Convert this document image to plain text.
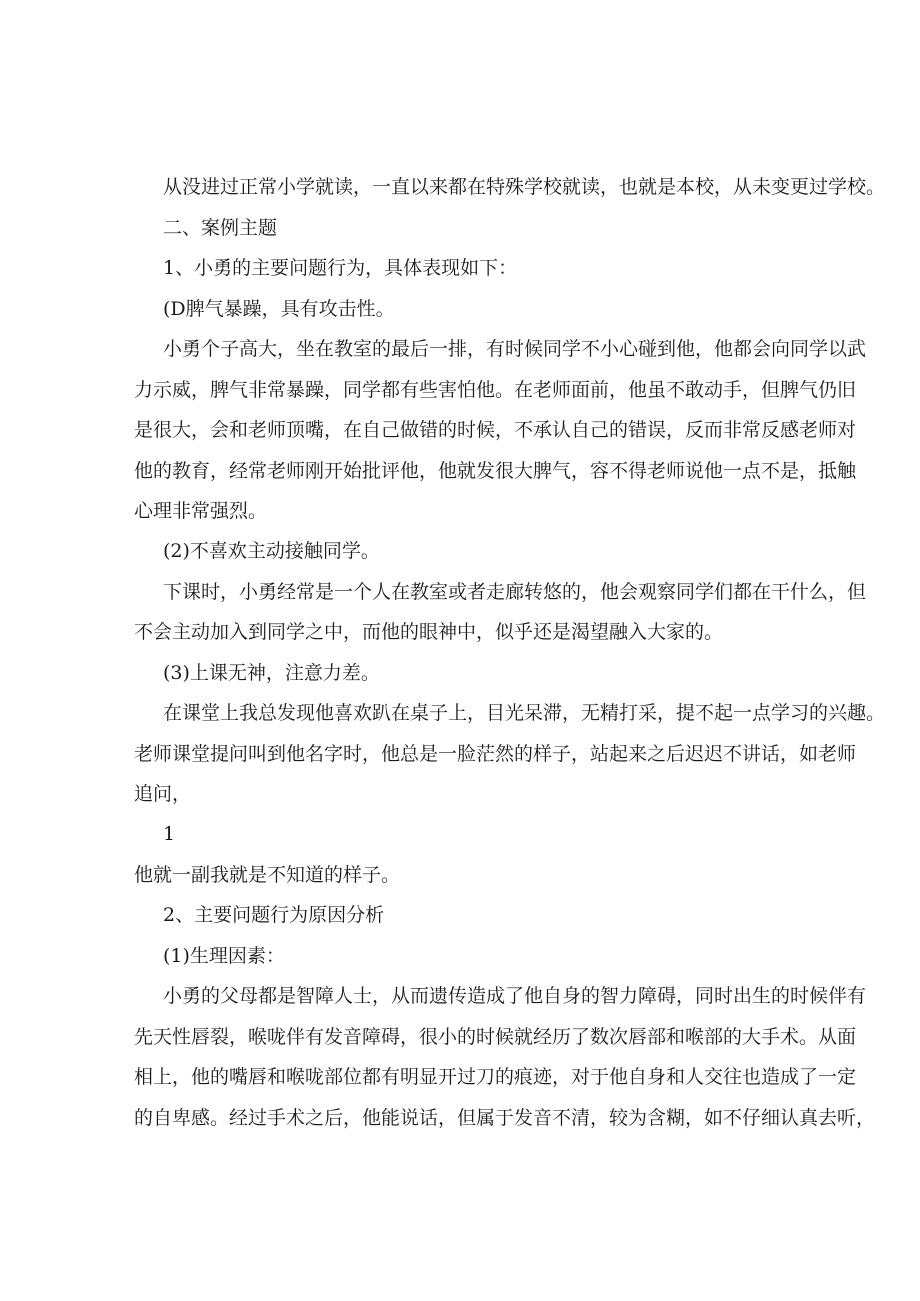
从没进过正常小学就读，一直以来都在特殊学校就读，也就是本校，从未变更过学校。
二、案例主题
1、小勇的主要问题行为，具体表现如下：
(D脾气暴躁，具有攻击性。
小勇个子高大，坐在教室的最后一排，有时候同学不小心碰到他，他都会向同学以武
力示威，脾气非常暴躁，同学都有些害怕他。在老师面前，他虽不敢动手，但脾气仍旧
是很大，会和老师顶嘴，在自己做错的时候，不承认自己的错误，反而非常反感老师对
他的教育，经常老师刚开始批评他，他就发很大脾气，容不得老师说他一点不是，抵触
心理非常强烈。
(2)不喜欢主动接触同学。
下课时，小勇经常是一个人在教室或者走廊转悠的，他会观察同学们都在干什么，但
不会主动加入到同学之中，而他的眼神中，似乎还是渴望融入大家的。
(3)上课无神，注意力差。
在课堂上我总发现他喜欢趴在桌子上，目光呆滞，无精打采，提不起一点学习的兴趣。
老师课堂提问叫到他名字时，他总是一脸茫然的样子，站起来之后迟迟不讲话，如老师
追问，
1
他就一副我就是不知道的样子。
2、主要问题行为原因分析
(1)生理因素：
小勇的父母都是智障人士，从而遗传造成了他自身的智力障碍，同时出生的时候伴有
先天性唇裂，喉咙伴有发音障碍，很小的时候就经历了数次唇部和喉部的大手术。从面
相上，他的嘴唇和喉咙部位都有明显开过刀的痕迹，对于他自身和人交往也造成了一定
的自卑感。经过手术之后，他能说话，但属于发音不清，较为含糊，如不仔细认真去听，
